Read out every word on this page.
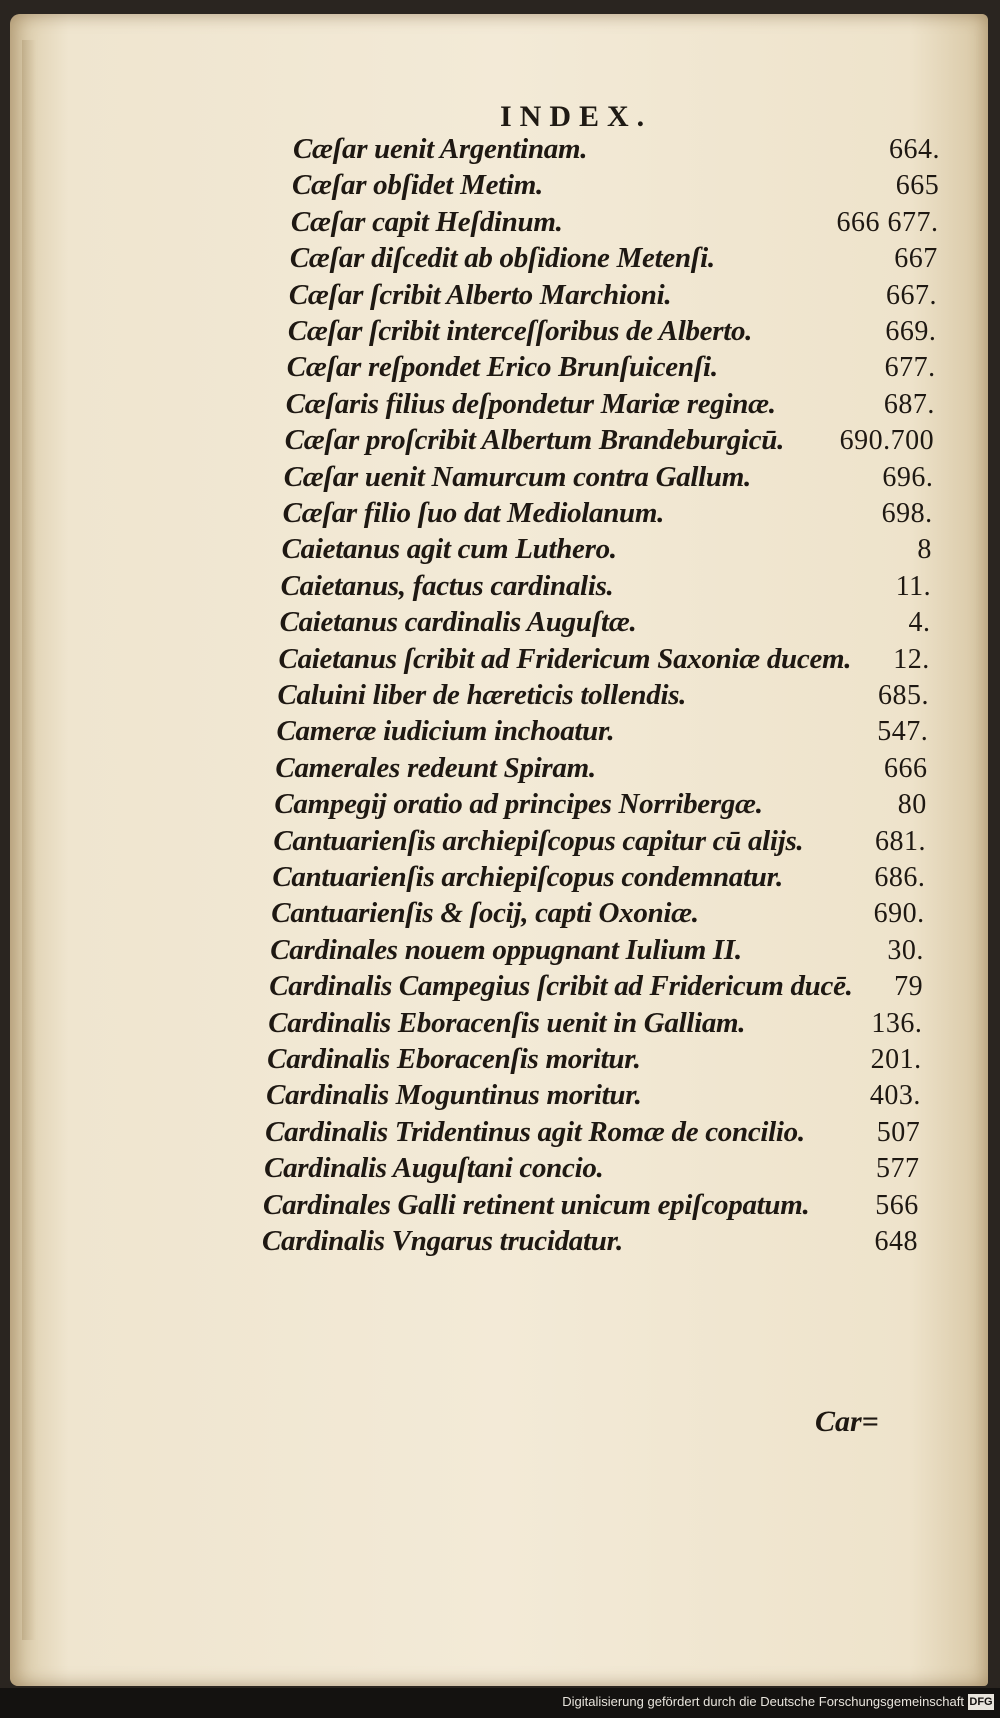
INDEX.
Cæſar uenit Argentinam.	664.
Cæſar obſidet Metim.	665
Cæſar capit Heſdinum.	666 677.
Cæſar diſcedit ab obſidione Metenſi.	667
Cæſar ſcribit Alberto Marchioni.	667.
Cæſar ſcribit interceſſoribus de Alberto.	669.
Cæſar reſpondet Erico Brunſuicenſi.	677.
Cæſaris filius deſpondetur Mariæ reginæ.	687.
Cæſar proſcribit Albertum Brandeburgicū. 690.700
Cæſar uenit Namurcum contra Gallum.	696.
Cæſar filio ſuo dat Mediolanum.	698.
Caietanus agit cum Luthero.	8
Caietanus, factus cardinalis.	11.
Caietanus cardinalis Auguſtæ.	4.
Caietanus ſcribit ad Fridericum Saxoniæ ducem. 12.
Caluini liber de hæreticis tollendis.	685.
Cameræ iudicium inchoatur.	547.
Camerales redeunt Spiram.	666
Campegij oratio ad principes Norribergæ.	80
Cantuarienſis archiepiſcopus capitur cū alijs.	681.
Cantuarienſis archiepiſcopus condemnatur.	686.
Cantuarienſis & ſocij, capti Oxoniæ.	690.
Cardinales nouem oppugnant Iulium II.	30.
Cardinalis Campegius ſcribit ad Fridericum ducē. 79
Cardinalis Eboracenſis uenit in Galliam.	136.
Cardinalis Eboracenſis moritur.	201.
Cardinalis Moguntinus moritur.	403.
Cardinalis Tridentinus agit Romæ de concilio.	507
Cardinalis Auguſtani concio.	577
Cardinales Galli retinent unicum epiſcopatum. 566
Cardinalis Vngarus trucidatur.	648
Car=
Digitalisierung gefördert durch die Deutsche Forschungsgemeinschaft DFG
